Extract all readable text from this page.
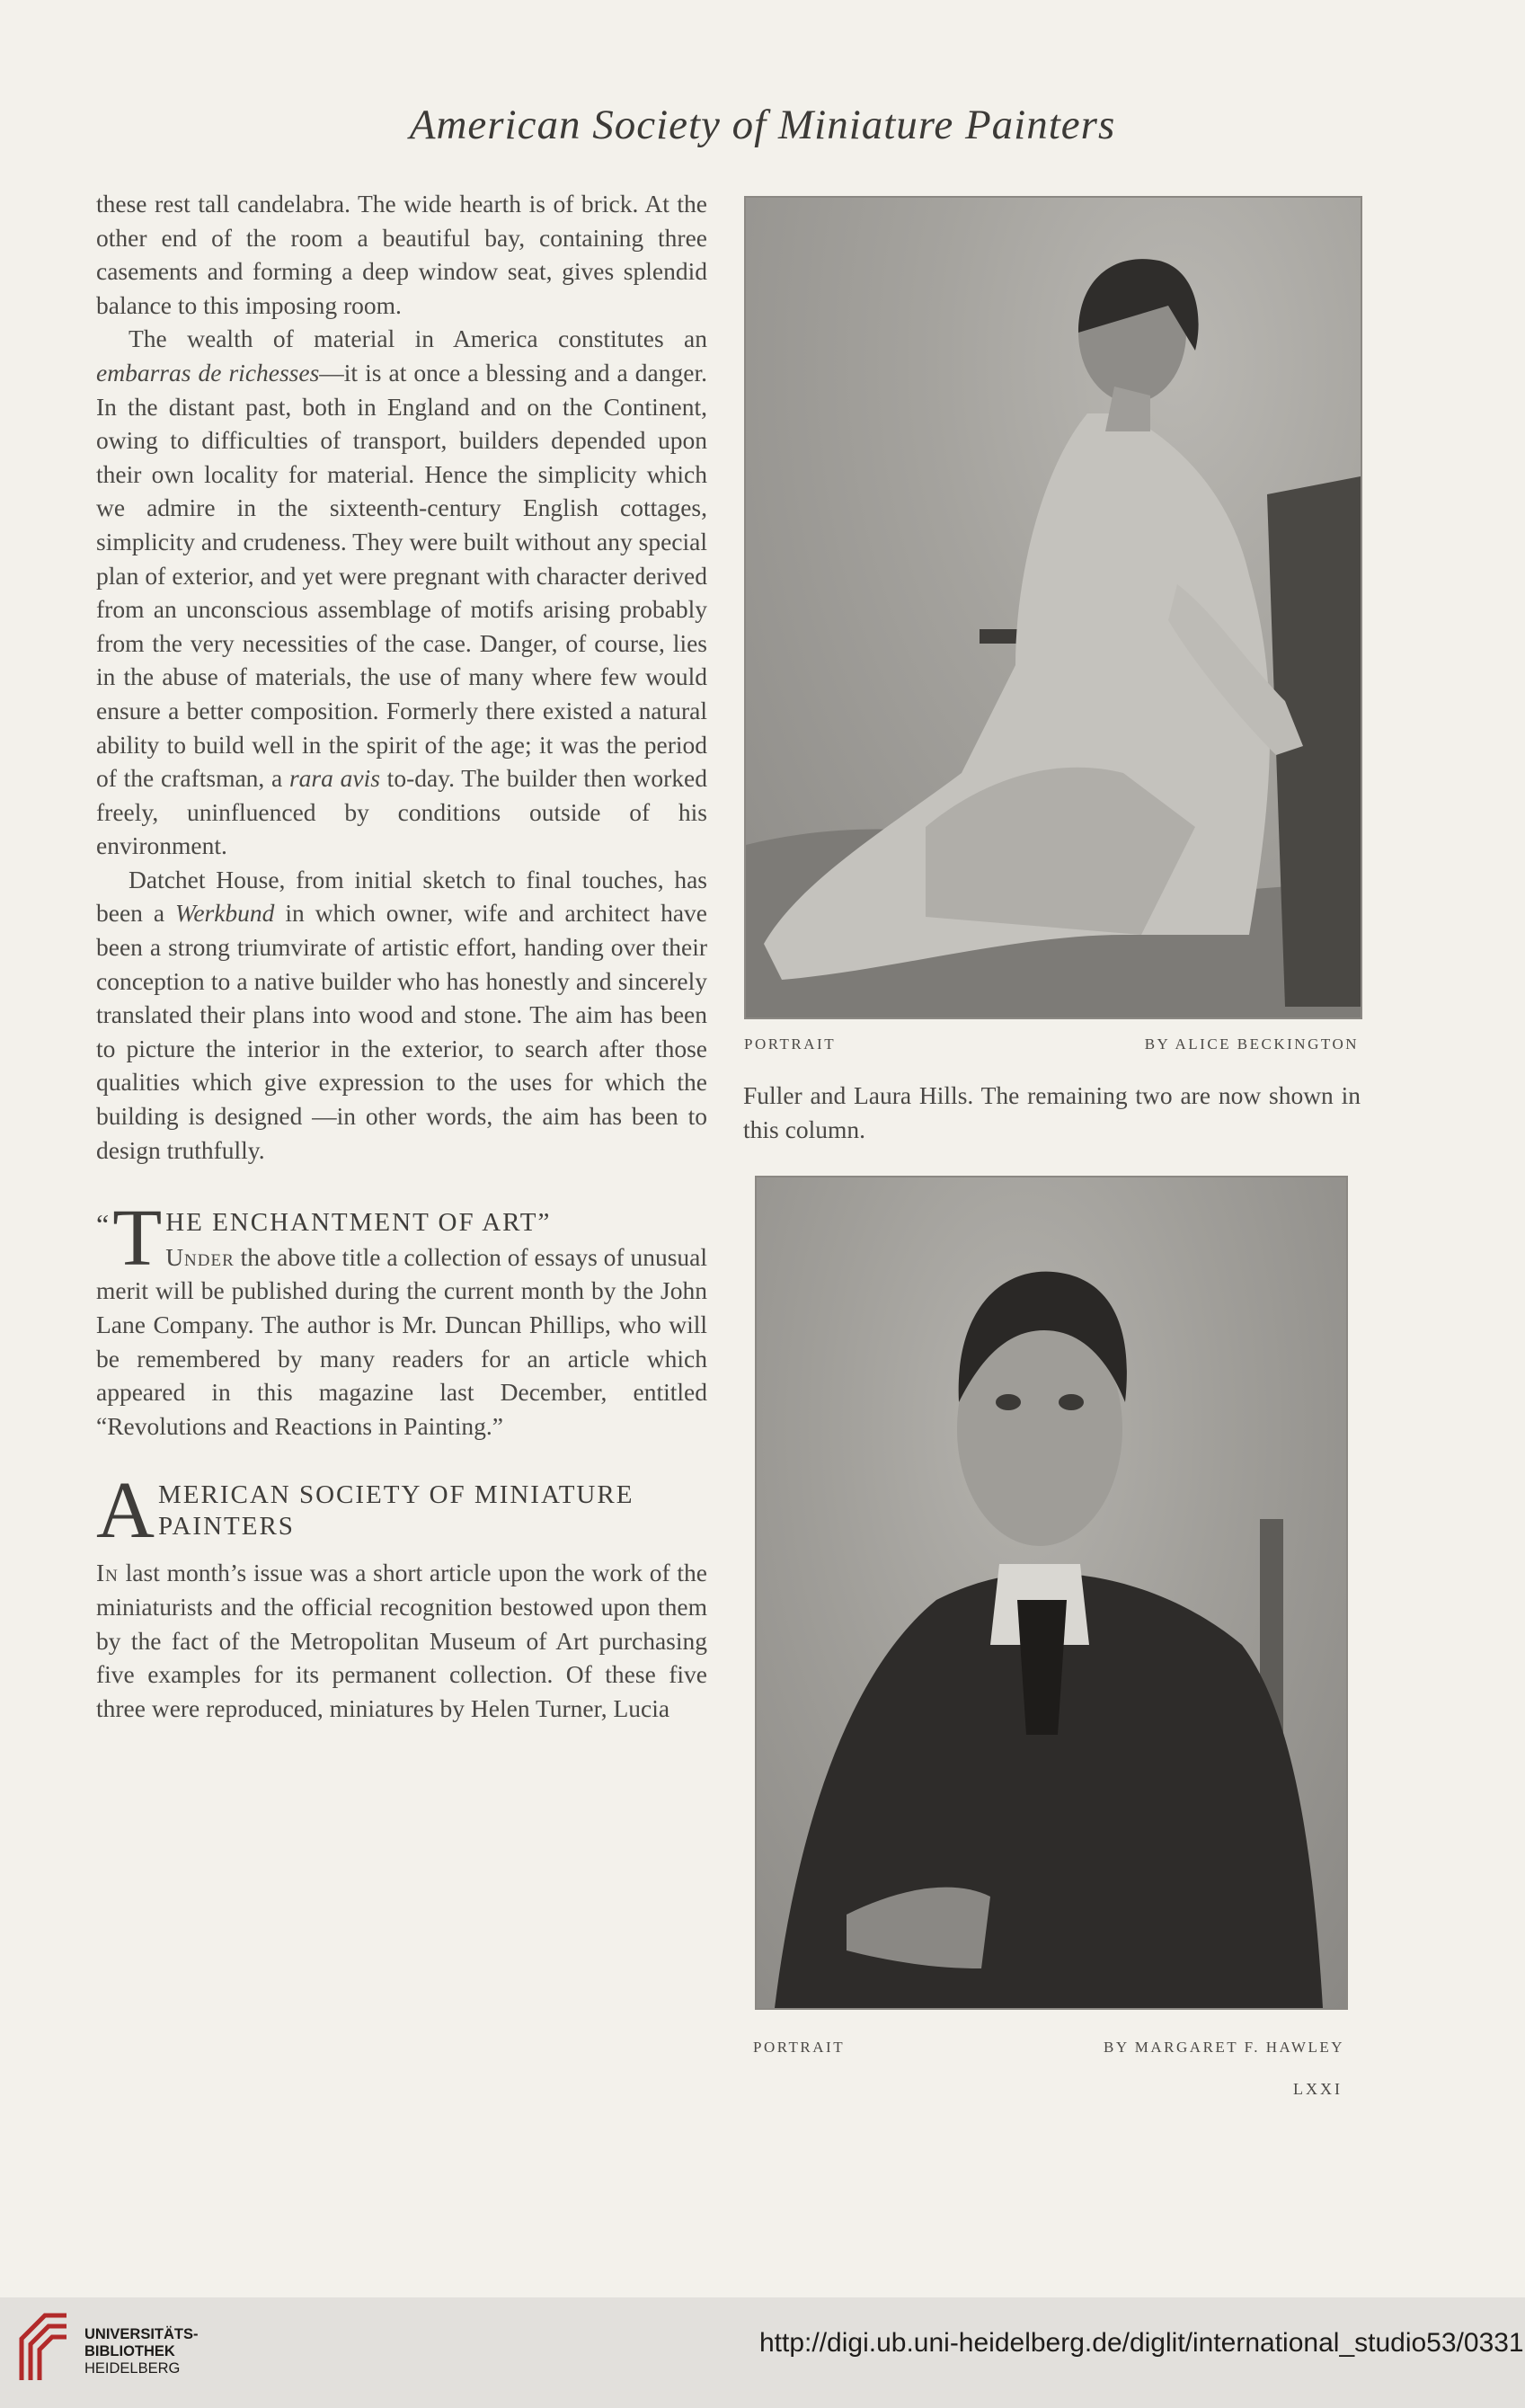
American Society of Miniature Painters

these rest tall candelabra. The wide hearth is of brick. At the other end of the room a beautiful bay, containing three casements and forming a deep window seat, gives splendid balance to this imposing room.

The wealth of material in America constitutes an embarras de richesses—it is at once a blessing and a danger. In the distant past, both in England and on the Continent, owing to difficulties of transport, builders depended upon their own locality for material. Hence the simplicity which we admire in the sixteenth-century English cottages, simplicity and crudeness. They were built without any special plan of exterior, and yet were pregnant with character derived from an unconscious assemblage of motifs arising probably from the very necessities of the case. Danger, of course, lies in the abuse of materials, the use of many where few would ensure a better composition. Formerly there existed a natural ability to build well in the spirit of the age; it was the period of the craftsman, a rara avis to-day. The builder then worked freely, uninfluenced by conditions outside of his environment.

Datchet House, from initial sketch to final touches, has been a Werkbund in which owner, wife and architect have been a strong triumvirate of artistic effort, handing over their conception to a native builder who has honestly and sincerely translated their plans into wood and stone. The aim has been to picture the interior in the exterior, to search after those qualities which give expression to the uses for which the building is designed —in other words, the aim has been to design truthfully.

“ T HE ENCHANTMENT OF ART”

Under the above title a collection of essays of unusual merit will be published during the current month by the John Lane Company. The author is Mr. Duncan Phillips, who will be remembered by many readers for an article which appeared in this magazine last December, entitled “Revolutions and Reactions in Painting.”

A MERICAN SOCIETY OF MINIATURE
PAINTERS

In last month’s issue was a short article upon the work of the miniaturists and the official recognition bestowed upon them by the fact of the Metropolitan Museum of Art purchasing five examples for its permanent collection. Of these five three were reproduced, miniatures by Helen Turner, Lucia

PORTRAIT	BY ALICE BECKINGTON
Fuller and Laura Hills. The remaining two are now shown in this column.
PORTRAIT	BY MARGARET F. HAWLEY
LXXI
UNIVERSITÄTS-
BIBLIOTHEK
HEIDELBERG
http://digi.ub.uni-heidelberg.de/diglit/international_studio53/0331
